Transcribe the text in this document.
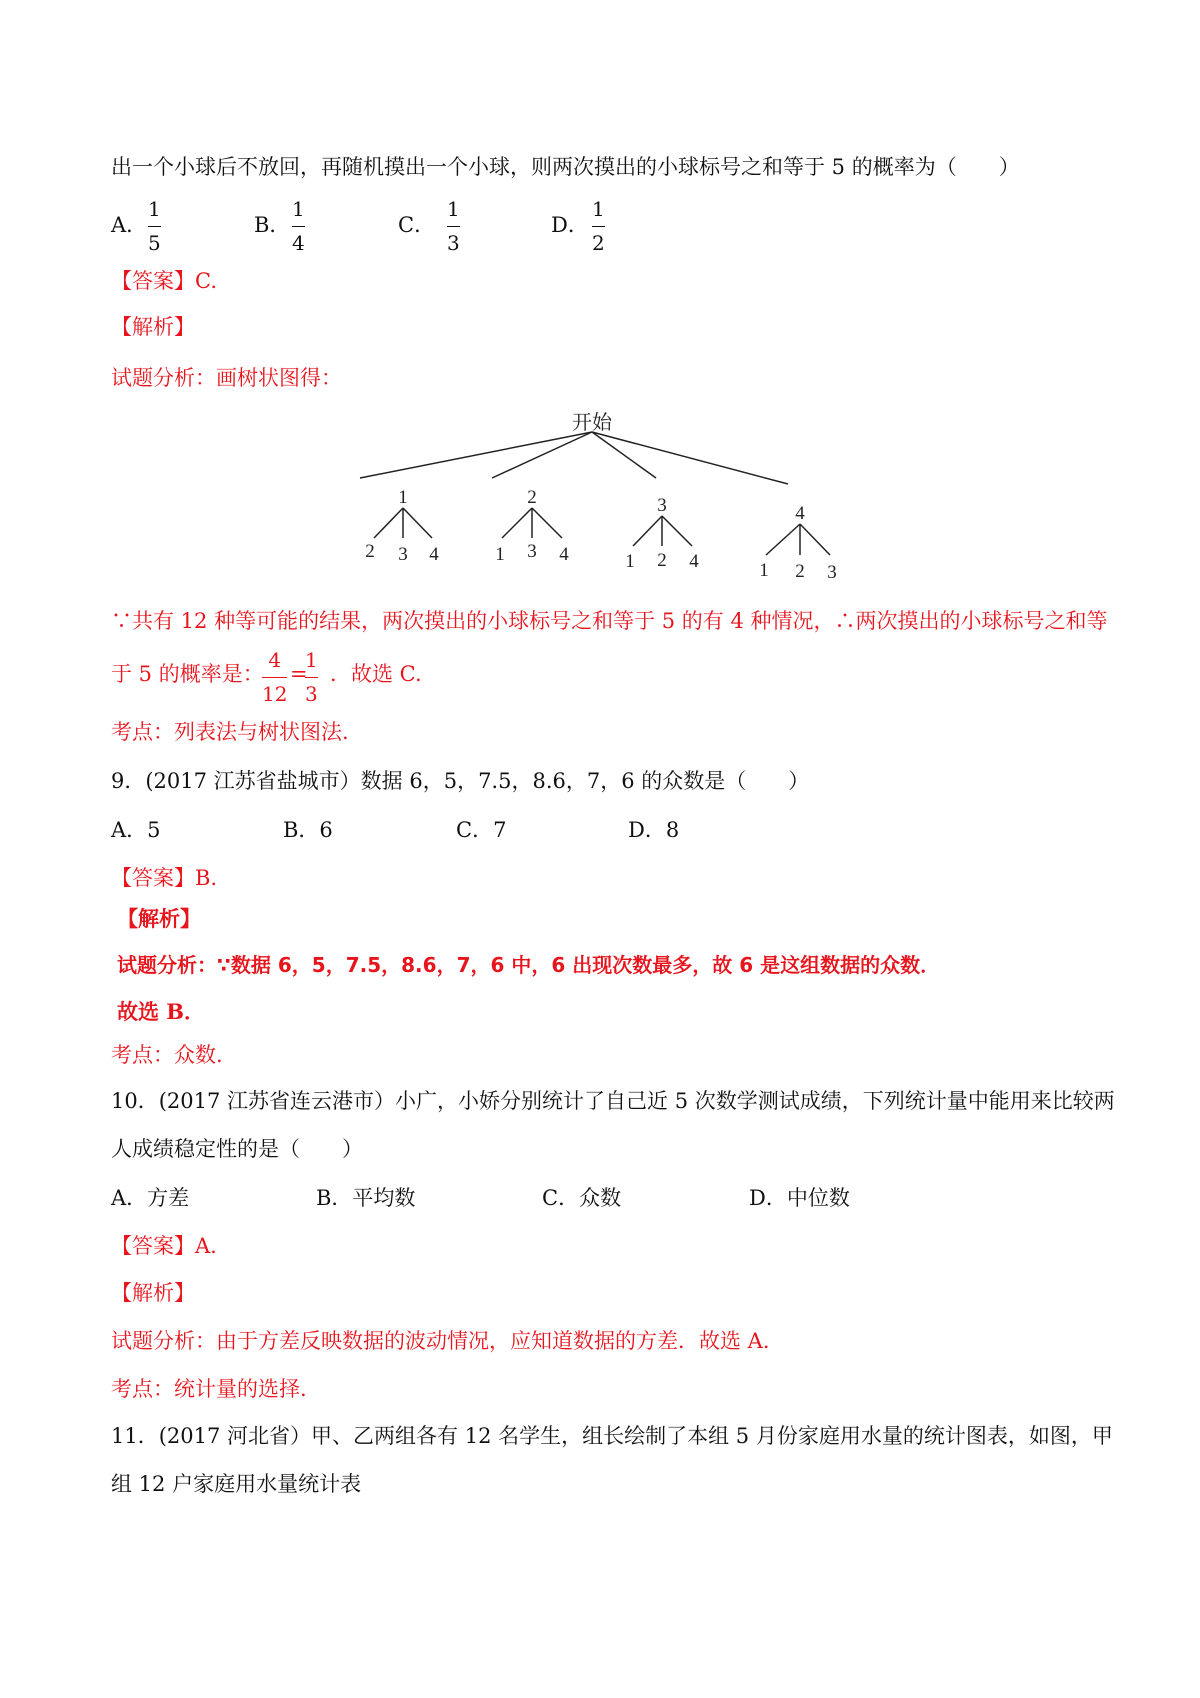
出一个小球后不放回，再随机摸出一个小球，则两次摸出的小球标号之和等于 5 的概率为（　　）
A．
1
5
B．
1
4
C．
1
3
D．
1
2
【答案】C.
【解析】
试题分析：画树状图得：
开始
1	2	3	4
2 3 4	1 3 4	1 2 4	1 2 3
∵共有 12 种等可能的结果，两次摸出的小球标号之和等于 5 的有 4 种情况，∴两次摸出的小球标号之和等
于 5 的概率是：
4
12
=
1
3
．故选 C.
考点：列表法与树状图法.
9．(2017 江苏省盐城市）数据 6，5，7.5，8.6，7，6 的众数是（　　）
A．5	B．6	C．7	D．8
【答案】B.
【解析】
试题分析：∵数据 6，5，7.5，8.6，7，6 中，6 出现次数最多，故 6 是这组数据的众数．
故选 B．
考点：众数.
10．(2017 江苏省连云港市）小广，小娇分别统计了自己近 5 次数学测试成绩，下列统计量中能用来比较两
人成绩稳定性的是（　　）
A．方差	B．平均数	C．众数	D．中位数
【答案】A.
【解析】
试题分析：由于方差反映数据的波动情况，应知道数据的方差．故选 A.
考点：统计量的选择.
11．(2017 河北省）甲、乙两组各有 12 名学生，组长绘制了本组 5 月份家庭用水量的统计图表，如图，甲
组 12 户家庭用水量统计表
